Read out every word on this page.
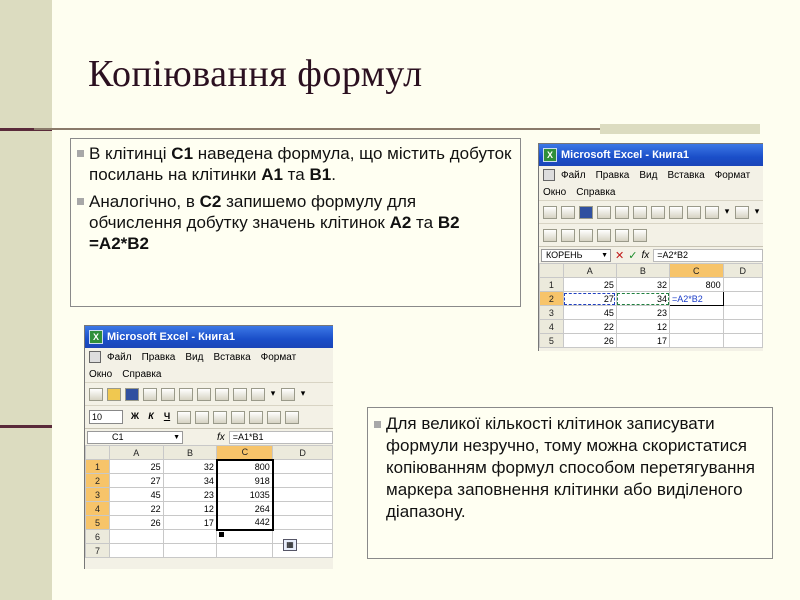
Копіювання формул
В клітинці С1 наведена формула, що містить добуток посилань на клітинки А1 та В1.
Аналогічно, в С2 запишемо формулу для обчислення добутку значень клітинок А2 та В2 =А2*В2
Для великої кількості клітинок записувати формули незручно, тому можна скористатися копіюванням формул способом перетягування маркера заповнення клітинки або виділеного діапазону.
X Microsoft Excel - Книга1
Файл Правка Вид Вставка Формат
Окно Справка
▾	▾
КОРЕНЬ	▼ ✕ ✓ fx =A2*B2
	A	B	C	D
1	25	32	800	
2	27	34	=A2*B2	
3	45	23		
4	22	12		
5	26	17		
X Microsoft Excel - Книга1
Файл Правка Вид Вставка Формат
Окно Справка
▾	▾
10	Ж	К	Ч
C1	▼	fx =A1*B1
	A	B	C	D
1	25	32	800	
2	27	34	918	
3	45	23	1035	
4	22	12	264	
5	26	17	442	
6				
7				
▦
